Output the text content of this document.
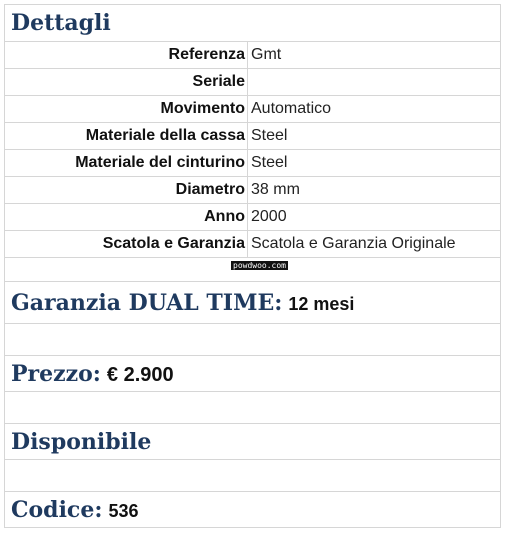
Dettagli	
Referenza	Gmt
Seriale	
Movimento	Automatico
Materiale della cassa	Steel
Materiale del cinturino	Steel
Diametro	38 mm
Anno	2000
Scatola e Garanzia	Scatola e Garanzia Originale
powdwoo.com	
Garanzia DUAL TIME: 12 mesi	

Prezzo: € 2.900	

Disponibile	

Codice: 536	
